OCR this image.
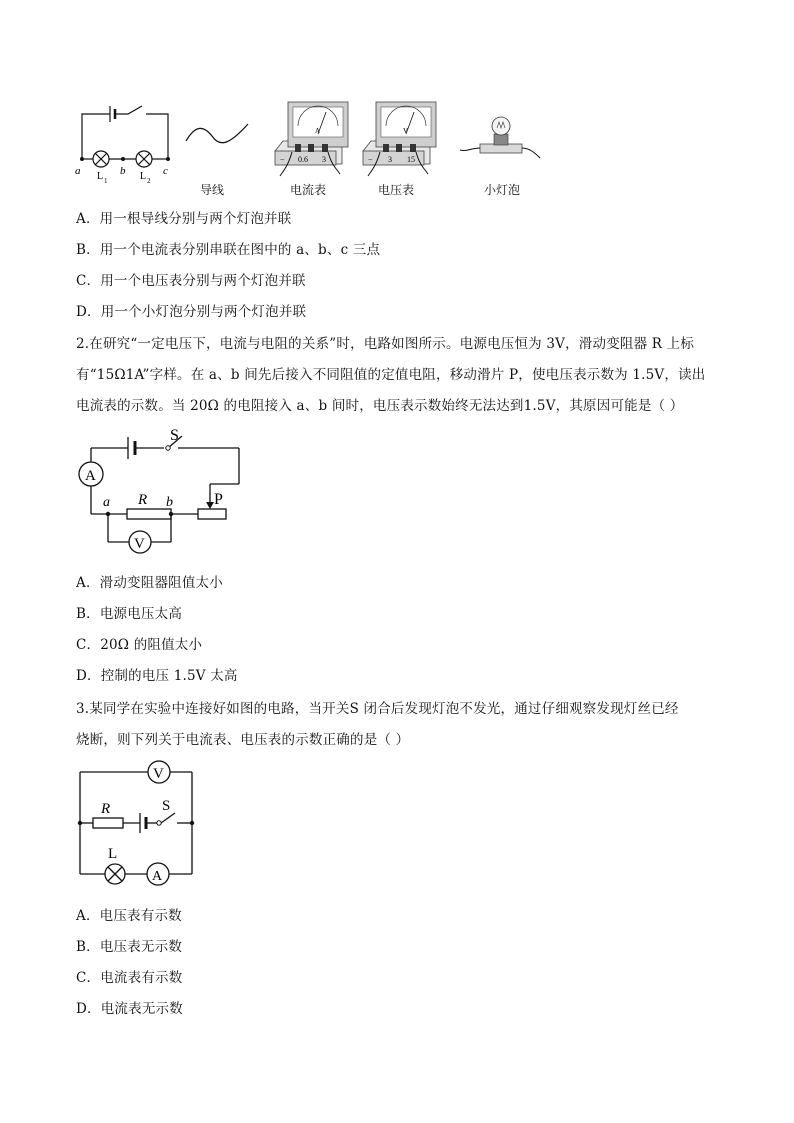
a	b	c
L 1	L 2
− 0.6 3
A
− 3 15
V
导线	电流表	电压表	小灯泡
A．用一根导线分别与两个灯泡并联
B．用一个电流表分别串联在图中的 a、b、c 三点
C．用一个电压表分别与两个灯泡并联
D．用一个小灯泡分别与两个灯泡并联
2.在研究“一定电压下，电流与电阻的关系”时，电路如图所示。电源电压恒为 3V，滑动变阻器 R 上标
有“15Ω1A”字样。在 a、b 间先后接入不同阻值的定值电阻，移动滑片 P，使电压表示数为 1.5V，读出
电流表的示数。当 20Ω 的电阻接入 a、b 间时，电压表示数始终无法达到1.5V，其原因可能是（ ）
A
S
a R b	P
V
A．滑动变阻器阻值太小
B．电源电压太高
C．20Ω 的阻值太小
D．控制的电压 1.5V 太高
3.某同学在实验中连接好如图的电路，当开关S 闭合后发现灯泡不发光，通过仔细观察发现灯丝已经
烧断，则下列关于电流表、电压表的示数正确的是（ ）
V
R	S
L
A
A．电压表有示数
B．电压表无示数
C．电流表有示数
D．电流表无示数
